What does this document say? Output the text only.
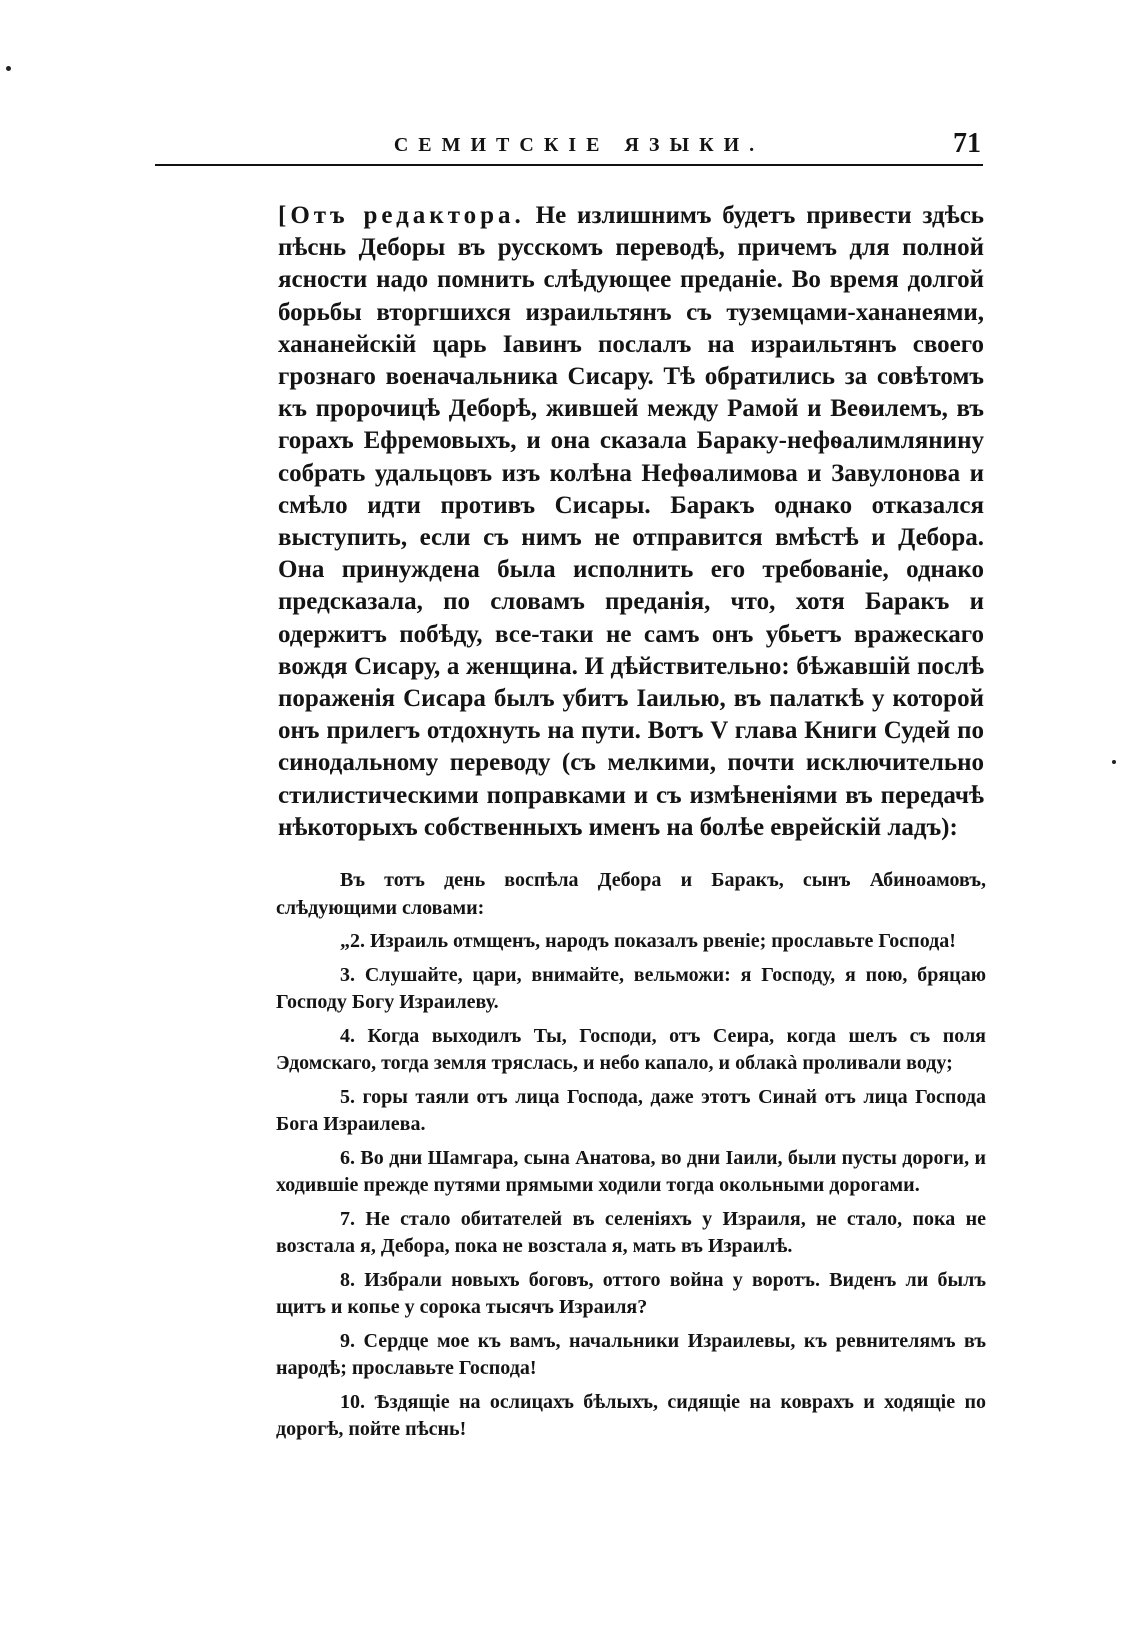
СЕМИТСКІЕ ЯЗЫКИ.	71
[Отъ редактора. Не излишнимъ будетъ привести здѣсь пѣснь Деборы въ русскомъ переводѣ, причемъ для полной ясности надо помнить слѣдующее преданіе. Во время долгой борьбы вторгшихся израильтянъ съ туземцами-хананеями, хананейскій царь Іавинъ послалъ на израильтянъ своего грознаго военачальника Сисару. Тѣ обратились за совѣтомъ къ пророчицѣ Деборѣ, жившей между Рамой и Веѳилемъ, въ горахъ Ефремовыхъ, и она сказала Бараку-нефѳалимлянину собрать удальцовъ изъ колѣна Нефѳалимова и Завулонова и смѣло идти противъ Сисары. Баракъ однако отказался выступить, если съ нимъ не отправится вмѣстѣ и Дебора. Она принуждена была исполнить его требованіе, однако предсказала, по словамъ преданія, что, хотя Баракъ и одержитъ побѣду, все-таки не самъ онъ убьетъ вражескаго вождя Сисару, а женщина. И дѣйствительно: бѣжавшій послѣ пораженія Сисара былъ убитъ Іаилью, въ палаткѣ у которой онъ прилегъ отдохнуть на пути. Вотъ V глава Книги Судей по синодальному переводу (съ мелкими, почти исключительно стилистическими поправками и съ измѣненіями въ передачѣ нѣкоторыхъ собственныхъ именъ на болѣе еврейскій ладъ):

Въ тотъ день воспѣла Дебора и Баракъ, сынъ Абиноамовъ, слѣдующими словами:

„2. Израиль отмщенъ, народъ показалъ рвеніе; прославьте Господа!

3. Слушайте, цари, внимайте, вельможи: я Господу, я пою, бряцаю Господу Богу Израилеву.

4. Когда выходилъ Ты, Господи, отъ Сеира, когда шелъ съ поля Эдомскаго, тогда земля тряслась, и небо капало, и облакà проливали воду;

5. горы таяли отъ лица Господа, даже этотъ Синай отъ лица Господа Бога Израилева.

6. Во дни Шамгара, сына Анатова, во дни Іаили, были пусты дороги, и ходившіе прежде путями прямыми ходили тогда окольными дорогами.

7. Не стало обитателей въ селеніяхъ у Израиля, не стало, пока не возстала я, Дебора, пока не возстала я, мать въ Израилѣ.

8. Избрали новыхъ боговъ, оттого война у воротъ. Виденъ ли былъ щитъ и копье у сорока тысячъ Израиля?

9. Сердце мое къ вамъ, начальники Израилевы, къ ревнителямъ въ народѣ; прославьте Господа!

10. Ѣздящіе на ослицахъ бѣлыхъ, сидящіе на коврахъ и ходящіе по дорогѣ, пойте пѣснь!
